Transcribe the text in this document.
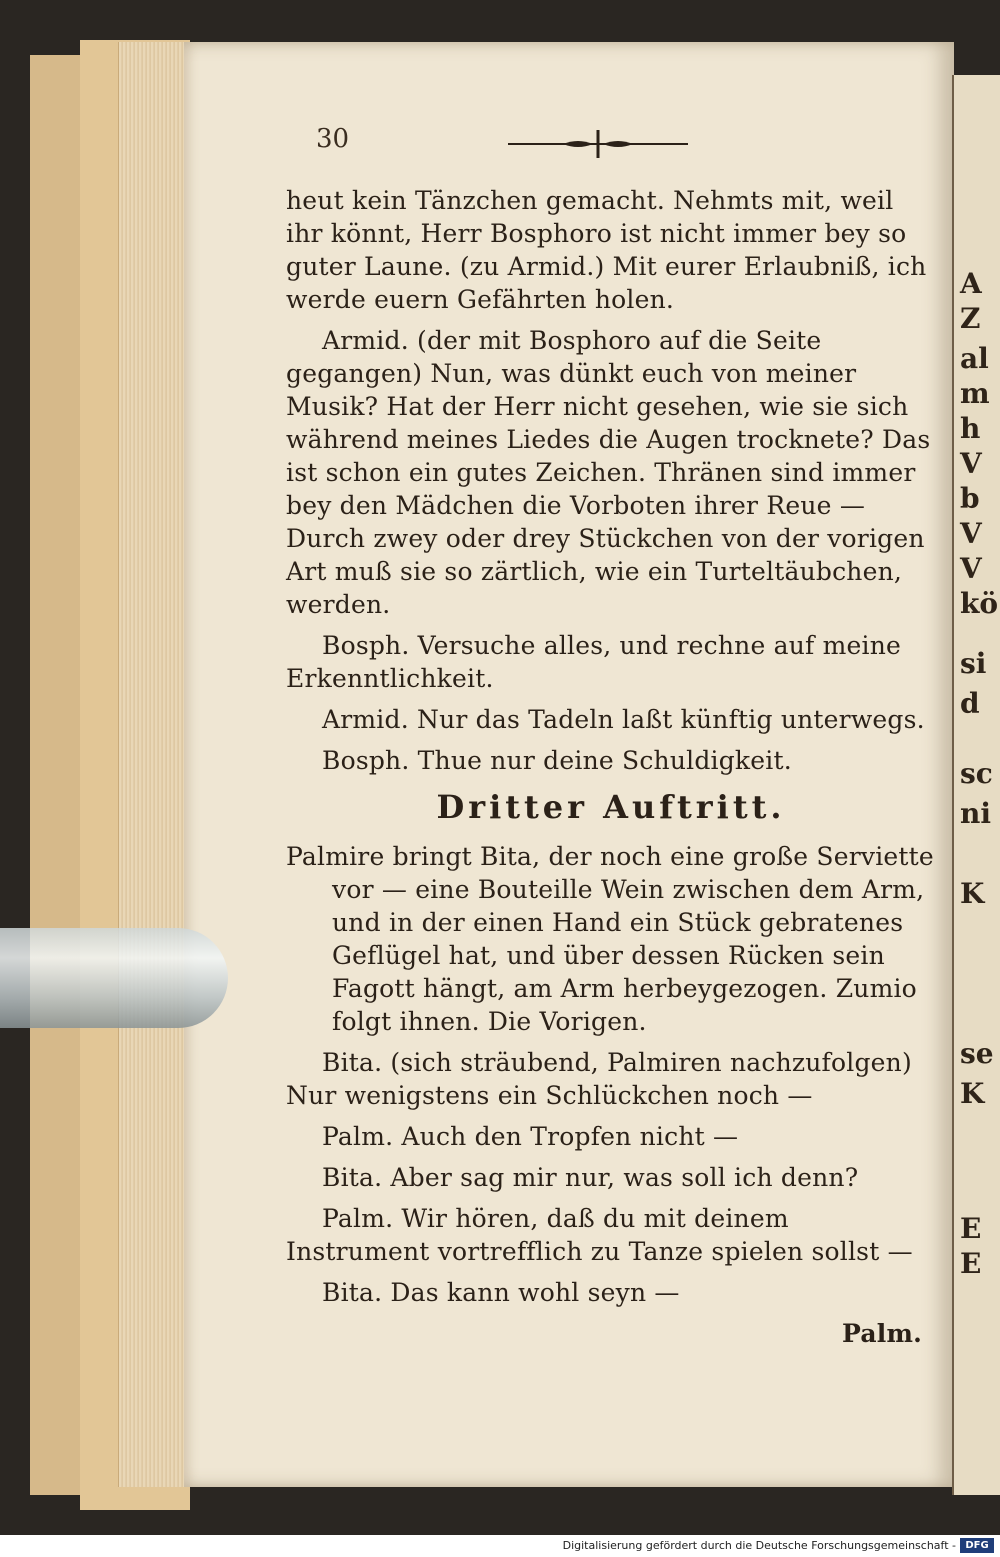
A
Z
al
m
h
V
b
V
V
kö
si
d
sc
ni
K
se
K
E
E
30

heut kein Tänzchen gemacht. Nehmts mit, weil ihr könnt, Herr Bosphoro ist nicht immer bey so guter Laune. (zu Armid.) Mit eurer Erlaubniß, ich werde euern Gefährten holen.

Armid. (der mit Bosphoro auf die Seite gegangen) Nun, was dünkt euch von meiner Musik? Hat der Herr nicht gesehen, wie sie sich während meines Liedes die Augen trocknete? Das ist schon ein gutes Zeichen. Thränen sind immer bey den Mädchen die Vorboten ihrer Reue — Durch zwey oder drey Stückchen von der vorigen Art muß sie so zärtlich, wie ein Turteltäubchen, werden.

Bosph. Versuche alles, und rechne auf meine Erkenntlichkeit.

Armid. Nur das Tadeln laßt künftig unterwegs.

Bosph. Thue nur deine Schuldigkeit.

Dritter Auftritt.

Palmire bringt Bita, der noch eine große Serviette vor — eine Bouteille Wein zwischen dem Arm, und in der einen Hand ein Stück gebratenes Geflügel hat, und über dessen Rücken sein Fagott hängt, am Arm herbeygezogen. Zumio folgt ihnen. Die Vorigen.

Bita. (sich sträubend, Palmiren nachzufolgen) Nur wenigstens ein Schlückchen noch —

Palm. Auch den Tropfen nicht —

Bita. Aber sag mir nur, was soll ich denn?

Palm. Wir hören, daß du mit deinem Instrument vortrefflich zu Tanze spielen sollst —

Bita. Das kann wohl seyn —

Palm.

Digitalisierung gefördert durch die Deutsche Forschungsgemeinschaft - DFG
